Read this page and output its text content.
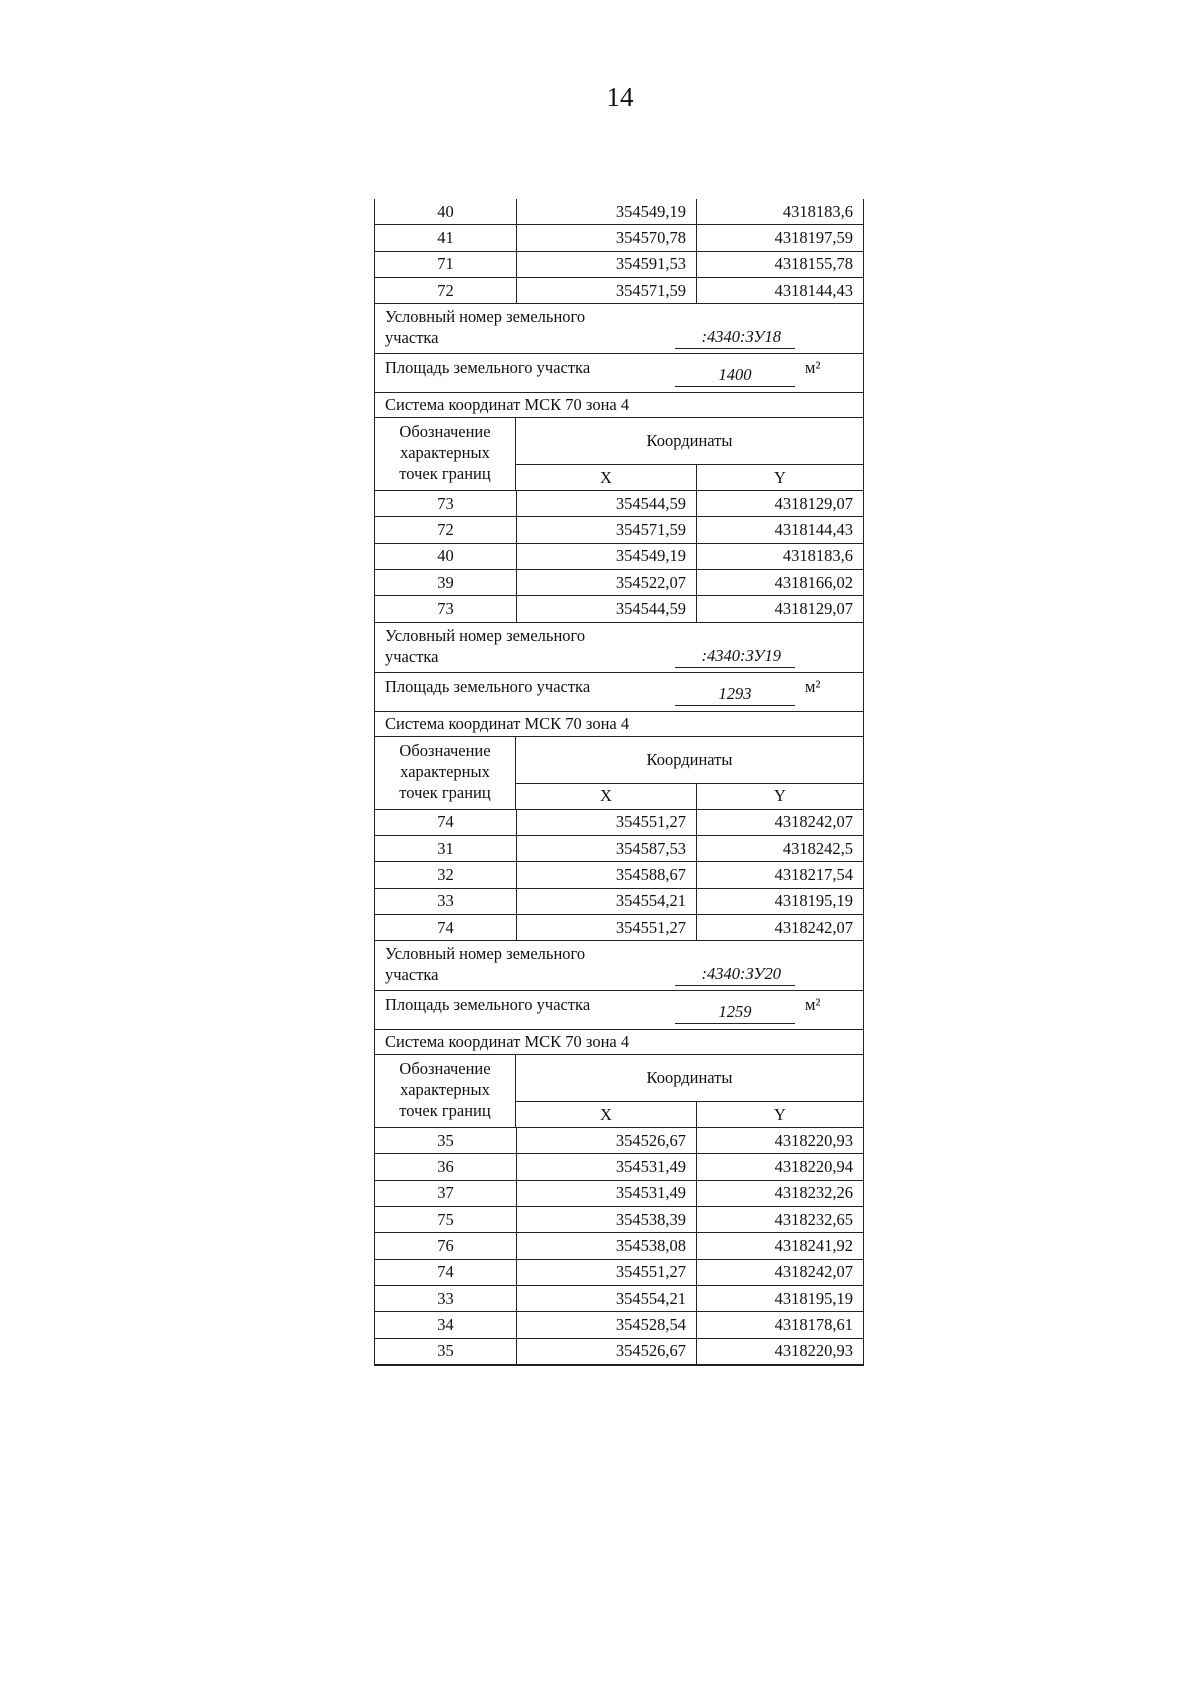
14
40	354549,19	4318183,6
41	354570,78	4318197,59
71	354591,53	4318155,78
72	354571,59	4318144,43
Условный номер земельного
участка	:4340:ЗУ18
Площадь земельного участка	1400	м²
Система координат МСК 70 зона 4
Обозначение
характерных
точек границ
Координаты
X	Y
73	354544,59	4318129,07
72	354571,59	4318144,43
40	354549,19	4318183,6
39	354522,07	4318166,02
73	354544,59	4318129,07
Условный номер земельного
участка	:4340:ЗУ19
Площадь земельного участка	1293	м²
Система координат МСК 70 зона 4
Обозначение
характерных
точек границ
Координаты
X	Y
74	354551,27	4318242,07
31	354587,53	4318242,5
32	354588,67	4318217,54
33	354554,21	4318195,19
74	354551,27	4318242,07
Условный номер земельного
участка	:4340:ЗУ20
Площадь земельного участка	1259	м²
Система координат МСК 70 зона 4
Обозначение
характерных
точек границ
Координаты
X	Y
35	354526,67	4318220,93
36	354531,49	4318220,94
37	354531,49	4318232,26
75	354538,39	4318232,65
76	354538,08	4318241,92
74	354551,27	4318242,07
33	354554,21	4318195,19
34	354528,54	4318178,61
35	354526,67	4318220,93
